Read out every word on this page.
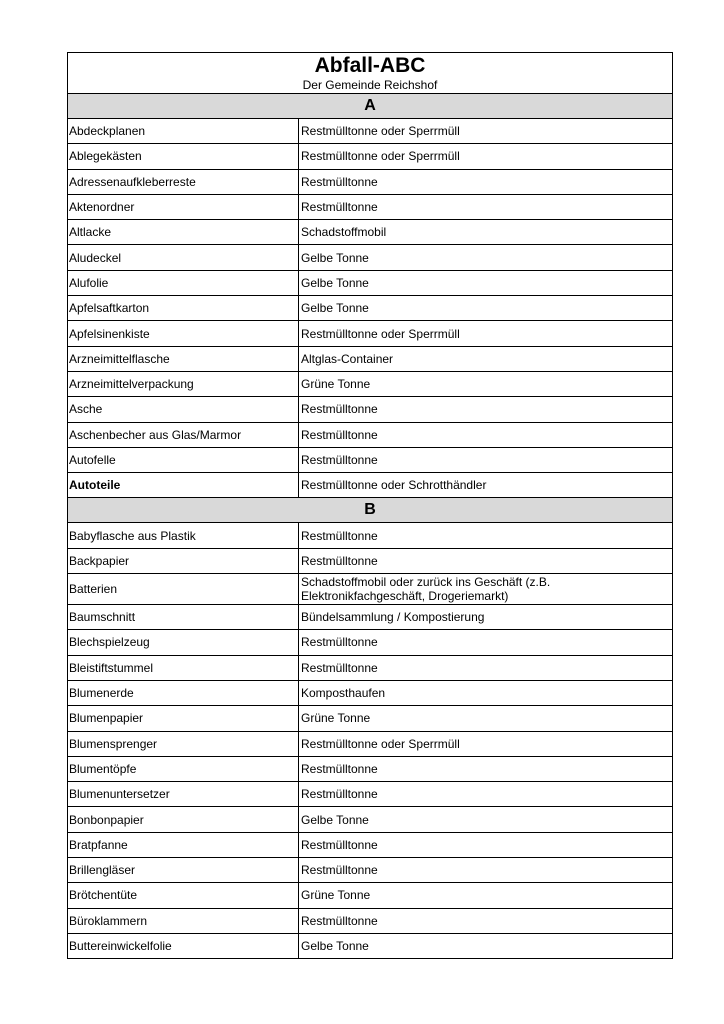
Abfall-ABC
Der Gemeinde Reichshof
A
Abdeckplanen	Restmülltonne oder Sperrmüll
Ablegekästen	Restmülltonne oder Sperrmüll
Adressenaufkleberreste	Restmülltonne
Aktenordner	Restmülltonne
Altlacke	Schadstoffmobil
Aludeckel	Gelbe Tonne
Alufolie	Gelbe Tonne
Apfelsaftkarton	Gelbe Tonne
Apfelsinenkiste	Restmülltonne oder Sperrmüll
Arzneimittelflasche	Altglas-Container
Arzneimittelverpackung	Grüne Tonne
Asche	Restmülltonne
Aschenbecher aus Glas/Marmor	Restmülltonne
Autofelle	Restmülltonne
Autoteile	Restmülltonne oder Schrotthändler
B
Babyflasche aus Plastik	Restmülltonne
Backpapier	Restmülltonne
Batterien	Schadstoffmobil oder zurück ins Geschäft (z.B. Elektronikfachgeschäft, Drogeriemarkt)
Baumschnitt	Bündelsammlung / Kompostierung
Blechspielzeug	Restmülltonne
Bleistiftstummel	Restmülltonne
Blumenerde	Komposthaufen
Blumenpapier	Grüne Tonne
Blumensprenger	Restmülltonne oder Sperrmüll
Blumentöpfe	Restmülltonne
Blumenuntersetzer	Restmülltonne
Bonbonpapier	Gelbe Tonne
Bratpfanne	Restmülltonne
Brillengläser	Restmülltonne
Brötchentüte	Grüne Tonne
Büroklammern	Restmülltonne
Buttereinwickelfolie	Gelbe Tonne
